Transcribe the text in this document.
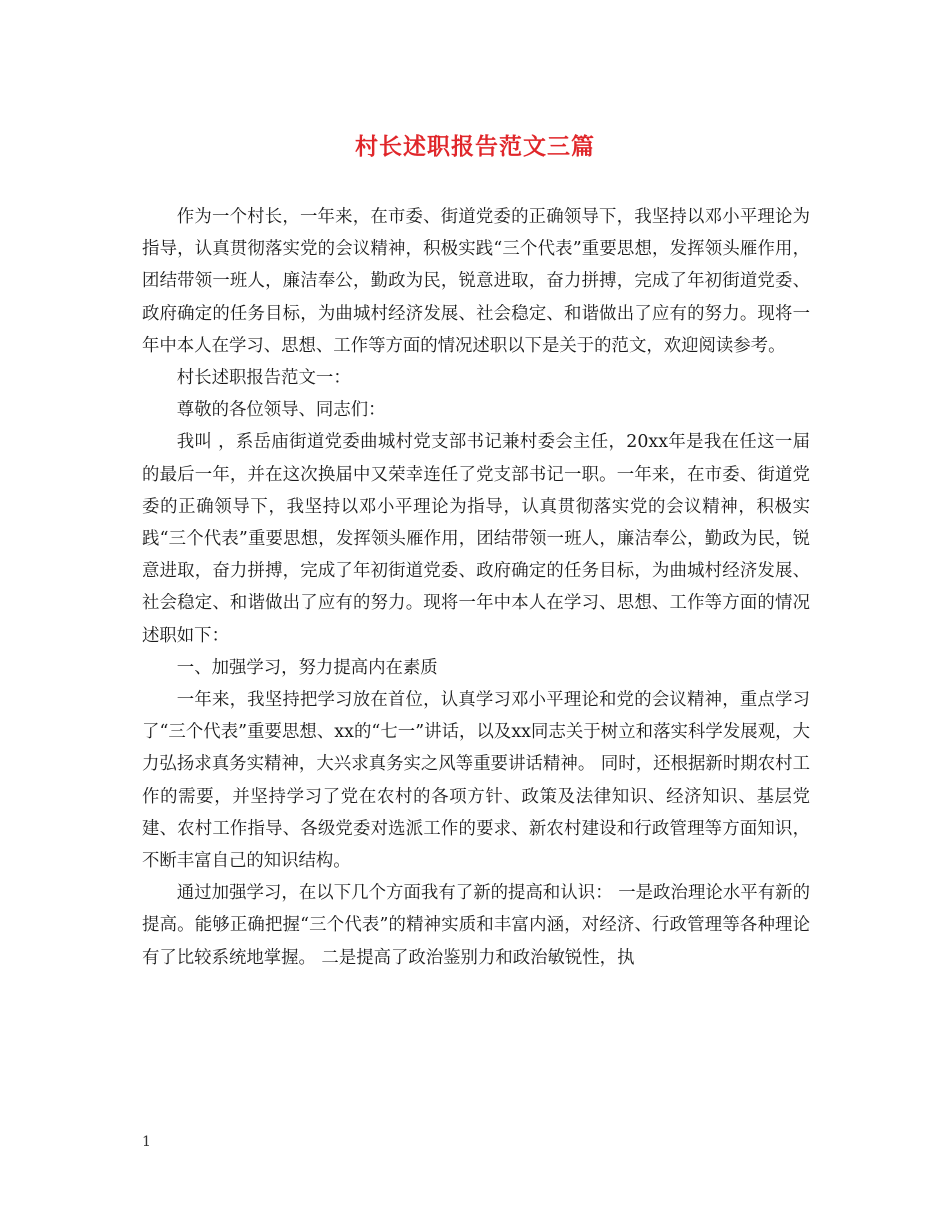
村长述职报告范文三篇

作为一个村长，一年来，在市委、街道党委的正确领导下，我坚持以邓小平理论为指导，认真贯彻落实党的会议精神，积极实践“三个代表”重要思想，发挥领头雁作用，团结带领一班人，廉洁奉公，勤政为民，锐意进取，奋力拼搏，完成了年初街道党委、政府确定的任务目标，为曲城村经济发展、社会稳定、和谐做出了应有的努力。现将一年中本人在学习、思想、工作等方面的情况述职以下是关于的范文，欢迎阅读参考。

村长述职报告范文一：

尊敬的各位领导、同志们：

我叫 ，系岳庙街道党委曲城村党支部书记兼村委会主任，20xx年是我在任这一届的最后一年，并在这次换届中又荣幸连任了党支部书记一职。一年来，在市委、街道党委的正确领导下，我坚持以邓小平理论为指导，认真贯彻落实党的会议精神，积极实践“三个代表”重要思想，发挥领头雁作用，团结带领一班人，廉洁奉公，勤政为民，锐意进取，奋力拼搏，完成了年初街道党委、政府确定的任务目标，为曲城村经济发展、社会稳定、和谐做出了应有的努力。现将一年中本人在学习、思想、工作等方面的情况述职如下：

一、加强学习，努力提高内在素质

一年来，我坚持把学习放在首位，认真学习邓小平理论和党的会议精神，重点学习了“三个代表”重要思想、xx的“七一”讲话，以及xx同志关于树立和落实科学发展观，大力弘扬求真务实精神，大兴求真务实之风等重要讲话精神。 同时，还根据新时期农村工作的需要，并坚持学习了党在农村的各项方针、政策及法律知识、经济知识、基层党建、农村工作指导、各级党委对选派工作的要求、新农村建设和行政管理等方面知识，不断丰富自己的知识结构。

通过加强学习，在以下几个方面我有了新的提高和认识： 一是政治理论水平有新的提高。能够正确把握“三个代表”的精神实质和丰富内涵，对经济、行政管理等各种理论有了比较系统地掌握。 二是提高了政治鉴别力和政治敏锐性，执

1
